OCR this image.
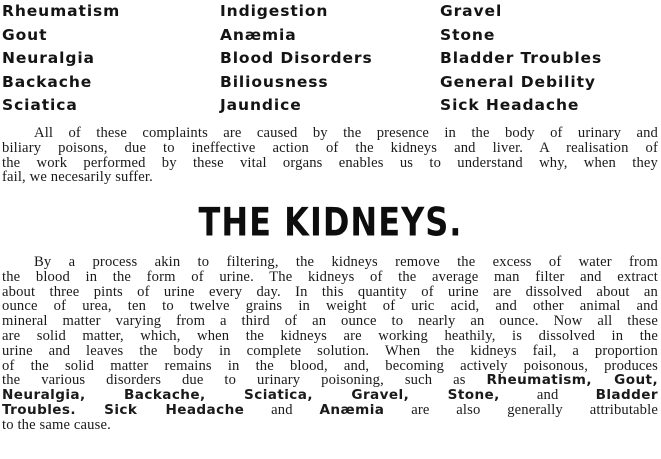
Rheumatism
Gout
Neuralgia
Backache
Sciatica
Indigestion
Anæmia
Blood Disorders
Biliousness
Jaundice
Gravel
Stone
Bladder Troubles
General Debility
Sick Headache
All of these complaints are caused by the presence in the body of urinary and
biliary poisons, due to ineffective action of the kidneys and liver. A realisation of
the work performed by these vital organs enables us to understand why, when they
fail, we necesarily suffer.
THE KIDNEYS.
By a process akin to filtering, the kidneys remove the excess of water from
the blood in the form of urine. The kidneys of the average man filter and extract
about three pints of urine every day. In this quantity of urine are dissolved about an
ounce of urea, ten to twelve grains in weight of uric acid, and other animal and
mineral matter varying from a third of an ounce to nearly an ounce. Now all these
are solid matter, which, when the kidneys are working heathily, is dissolved in the
urine and leaves the body in complete solution. When the kidneys fail, a proportion
of the solid matter remains in the blood, and, becoming actively poisonous, produces
the various disorders due to urinary poisoning, such as Rheumatism, Gout,
Neuralgia, Backache, Sciatica, Gravel, Stone,	and	Bladder
Troubles. Sick Headache and Anæmia are also generally attributable
to the same cause.
